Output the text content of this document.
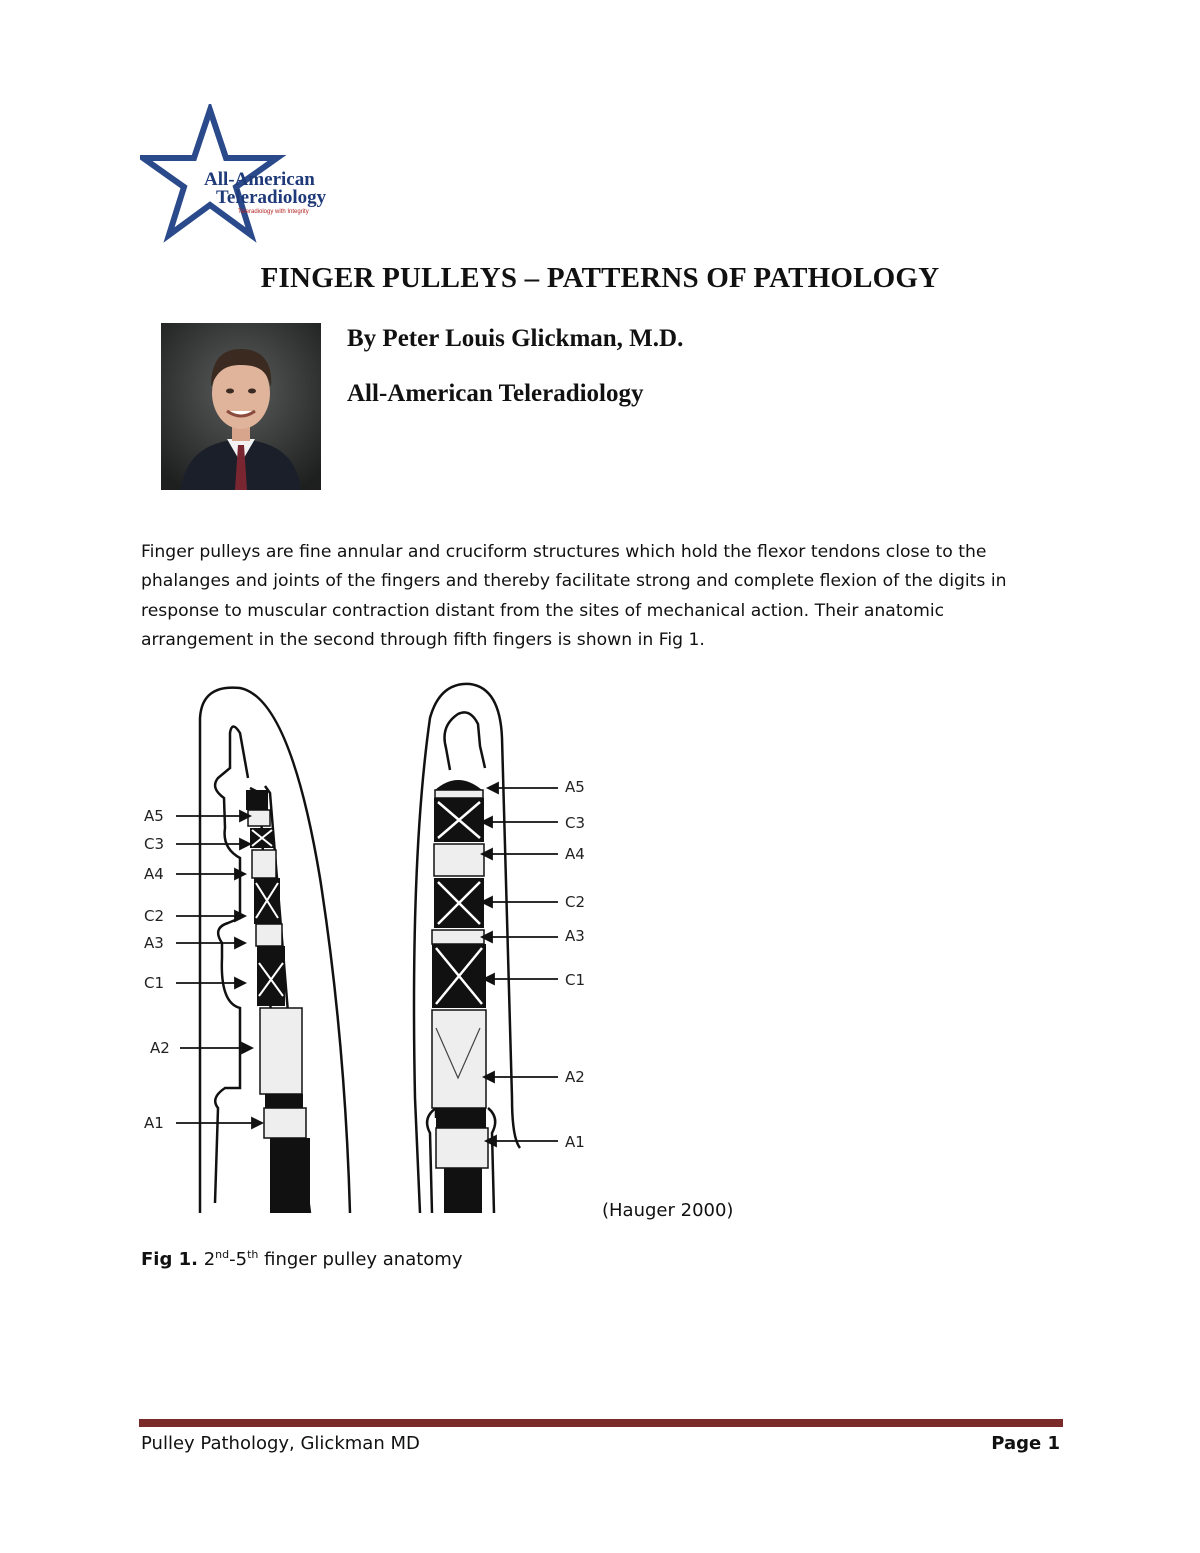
All-American
Teleradiology
Teleradiology with Integrity
FINGER PULLEYS – PATTERNS OF PATHOLOGY
By Peter Louis Glickman, M.D.
All-American Teleradiology
Finger pulleys are fine annular and cruciform structures which hold the flexor tendons close to the phalanges and joints of the fingers and thereby facilitate strong and complete flexion of the digits in response to muscular contraction distant from the sites of mechanical action. Their anatomic arrangement in the second through fifth fingers is shown in Fig 1.
A5
C3
A4
C2
A3
C1
A2
A1
A5
C3
A4
C2
A3
C1
A2
A1
(Hauger 2000)
Fig 1. 2nd-5th finger pulley anatomy
Pulley Pathology, Glickman MD	Page 1
